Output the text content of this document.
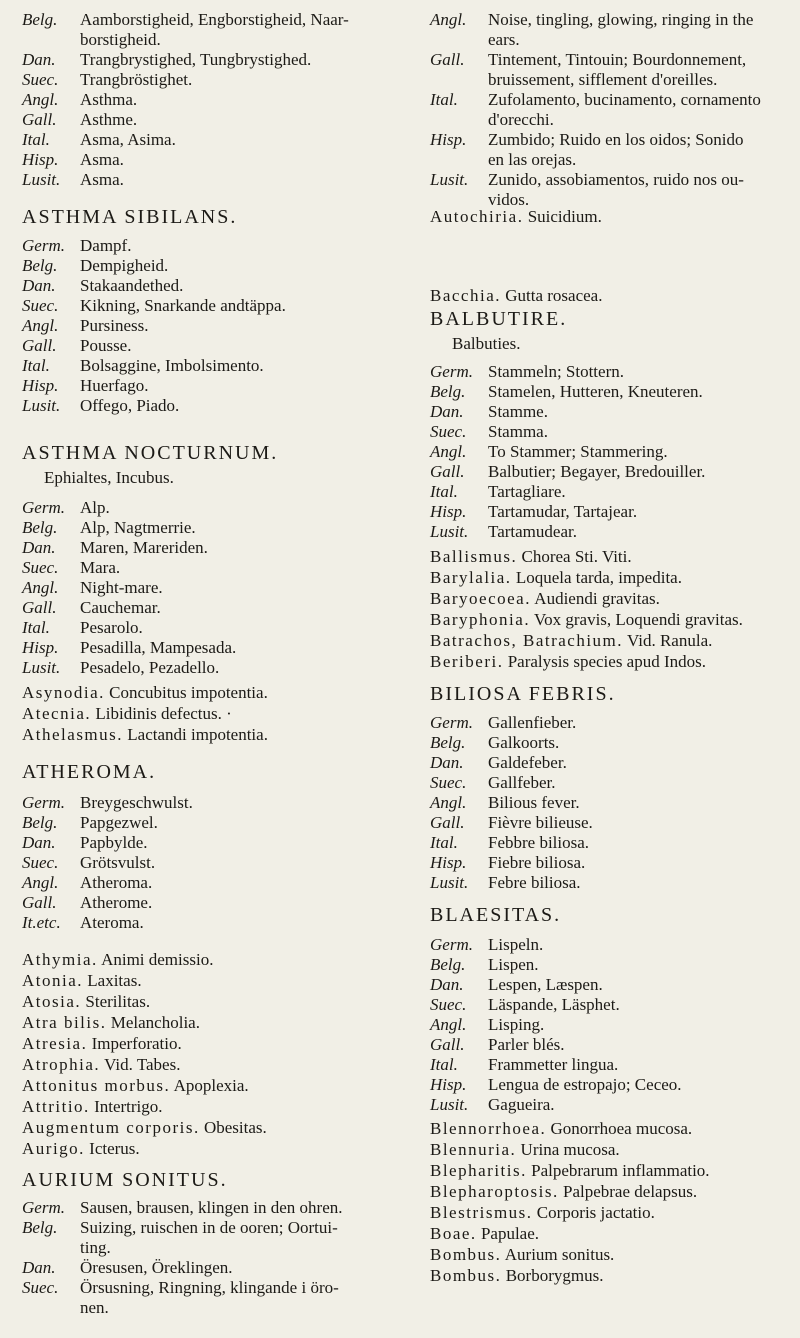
Belg.	Aamborstigheid, Engborstigheid, Naar-
borstigheid.
Dan.	Trangbrystighed, Tungbrystighed.
Suec.	Trangbröstighet.
Angl.	Asthma.
Gall.	Asthme.
Ital.	Asma, Asima.
Hisp.	Asma.
Lusit.	Asma.
ASTHMA SIBILANS.
Germ. Dampf.
Belg.	Dempigheid.
Dan.	Stakaandethed.
Suec.	Kikning, Snarkande andtäppa.
Angl.	Pursiness.
Gall.	Pousse.
Ital.	Bolsaggine, Imbolsimento.
Hisp.	Huerfago.
Lusit.	Offego, Piado.
ASTHMA NOCTURNUM.
Ephialtes, Incubus.
Germ. Alp.
Belg.	Alp, Nagtmerrie.
Dan.	Maren, Mareriden.
Suec.	Mara.
Angl.	Night-mare.
Gall.	Cauchemar.
Ital.	Pesarolo.
Hisp.	Pesadilla, Mampesada.
Lusit.	Pesadelo, Pezadello.
Asynodia. Concubitus impotentia.
Atecnia. Libidinis defectus. ·
Athelasmus. Lactandi impotentia.
ATHEROMA.
Germ. Breygeschwulst.
Belg.	Papgezwel.
Dan.	Papbylde.
Suec.	Grötsvulst.
Angl.	Atheroma.
Gall.	Atherome.
It.etc.	Ateroma.
Athymia. Animi demissio.
Atonia. Laxitas.
Atosia. Sterilitas.
Atra bilis. Melancholia.
Atresia. Imperforatio.
Atrophia. Vid. Tabes.
Attonitus morbus. Apoplexia.
Attritio. Intertrigo.
Augmentum corporis. Obesitas.
Aurigo. Icterus.
AURIUM SONITUS.
Germ. Sausen, brausen, klingen in den ohren.
Belg.	Suizing, ruischen in de ooren; Oortui-
ting.
Dan.	Öresusen, Öreklingen.
Suec.	Örsusning, Ringning, klingande i öro-
nen.
Angl.	Noise, tingling, glowing, ringing in the
ears.
Gall.	Tintement, Tintouin; Bourdonnement,
bruissement, sifflement d'oreilles.
Ital.	Zufolamento, bucinamento, cornamento
d'orecchi.
Hisp.	Zumbido; Ruido en los oidos; Sonido
en las orejas.
Lusit.	Zunido, assobiamentos, ruido nos ou-
vidos.
Autochiria. Suicidium.
Bacchia. Gutta rosacea.
BALBUTIRE.
Balbuties.
Germ. Stammeln; Stottern.
Belg.	Stamelen, Hutteren, Kneuteren.
Dan.	Stamme.
Suec.	Stamma.
Angl.	To Stammer; Stammering.
Gall.	Balbutier; Begayer, Bredouiller.
Ital.	Tartagliare.
Hisp.	Tartamudar, Tartajear.
Lusit.	Tartamudear.
Ballismus. Chorea Sti. Viti.
Barylalia. Loquela tarda, impedita.
Baryoecoea. Audiendi gravitas.
Baryphonia. Vox gravis, Loquendi gravitas.
Batrachos, Batrachium. Vid. Ranula.
Beriberi. Paralysis species apud Indos.
BILIOSA FEBRIS.
Germ. Gallenfieber.
Belg.	Galkoorts.
Dan.	Galdefeber.
Suec.	Gallfeber.
Angl.	Bilious fever.
Gall.	Fièvre bilieuse.
Ital.	Febbre biliosa.
Hisp.	Fiebre biliosa.
Lusit.	Febre biliosa.
BLAESITAS.
Germ. Lispeln.
Belg.	Lispen.
Dan.	Lespen, Læspen.
Suec.	Läspande, Läsphet.
Angl.	Lisping.
Gall.	Parler blés.
Ital.	Frammetter lingua.
Hisp.	Lengua de estropajo; Ceceo.
Lusit.	Gagueira.
Blennorrhoea. Gonorrhoea mucosa.
Blennuria. Urina mucosa.
Blepharitis. Palpebrarum inflammatio.
Blepharoptosis. Palpebrae delapsus.
Blestrismus. Corporis jactatio.
Boae. Papulae.
Bombus. Aurium sonitus.
Bombus. Borborygmus.
